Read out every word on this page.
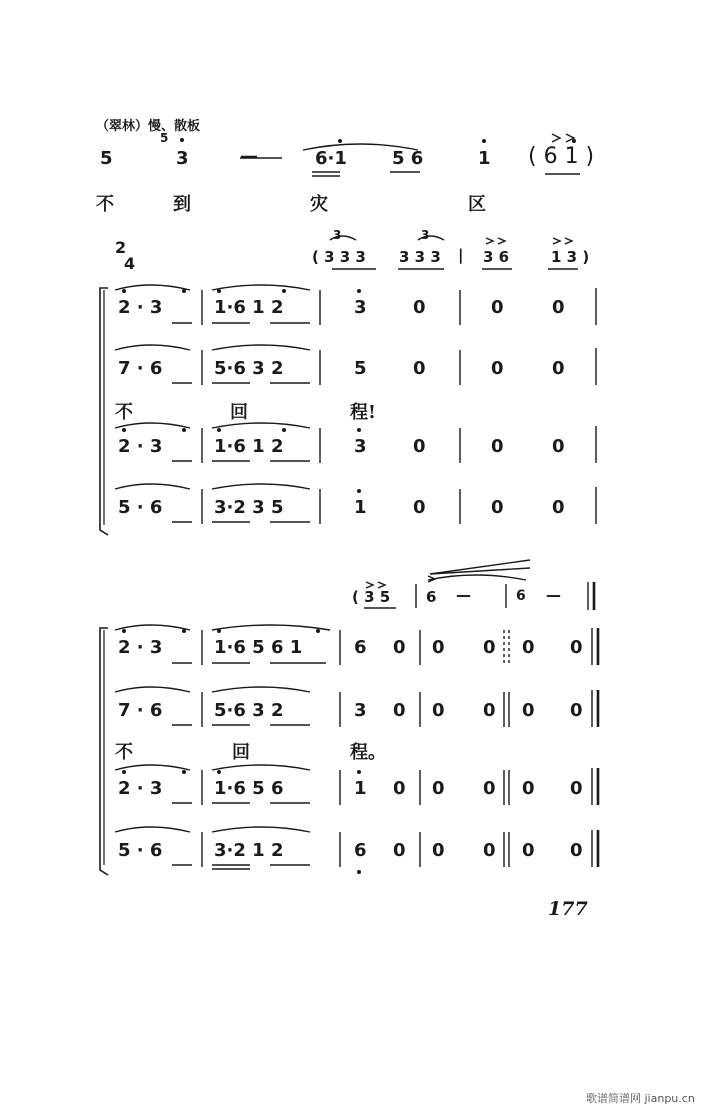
（翠林）慢、散板
5
5
3	—	6·1	5 6	1 ( 6 1 )
不	到	灾	区
2
4	( 3 3 3 3 3 3 | 3 6	1 3 )
3	3
2 · 3	1·6 1 2	3	0	0	0
7 · 6	5·6 3 2	5	0	0	0
不	回	程!
2 · 3	1·6 1 2	3	0	0	0
5 · 6	3·2 3 5	1	0	0	0
( 3 5 6 —	6 —
2 · 3	1·6 5 6 1	6 0 0 0 0 0
7 · 6	5·6 3 2	3 0 0 0 0 0
不	回	程。
2 · 3	1·6 5 6	1 0 0 0 0 0
5 · 6	3·2 1 2	6 0 0 0 0 0
177
歌谱简谱网 jianpu.cn
